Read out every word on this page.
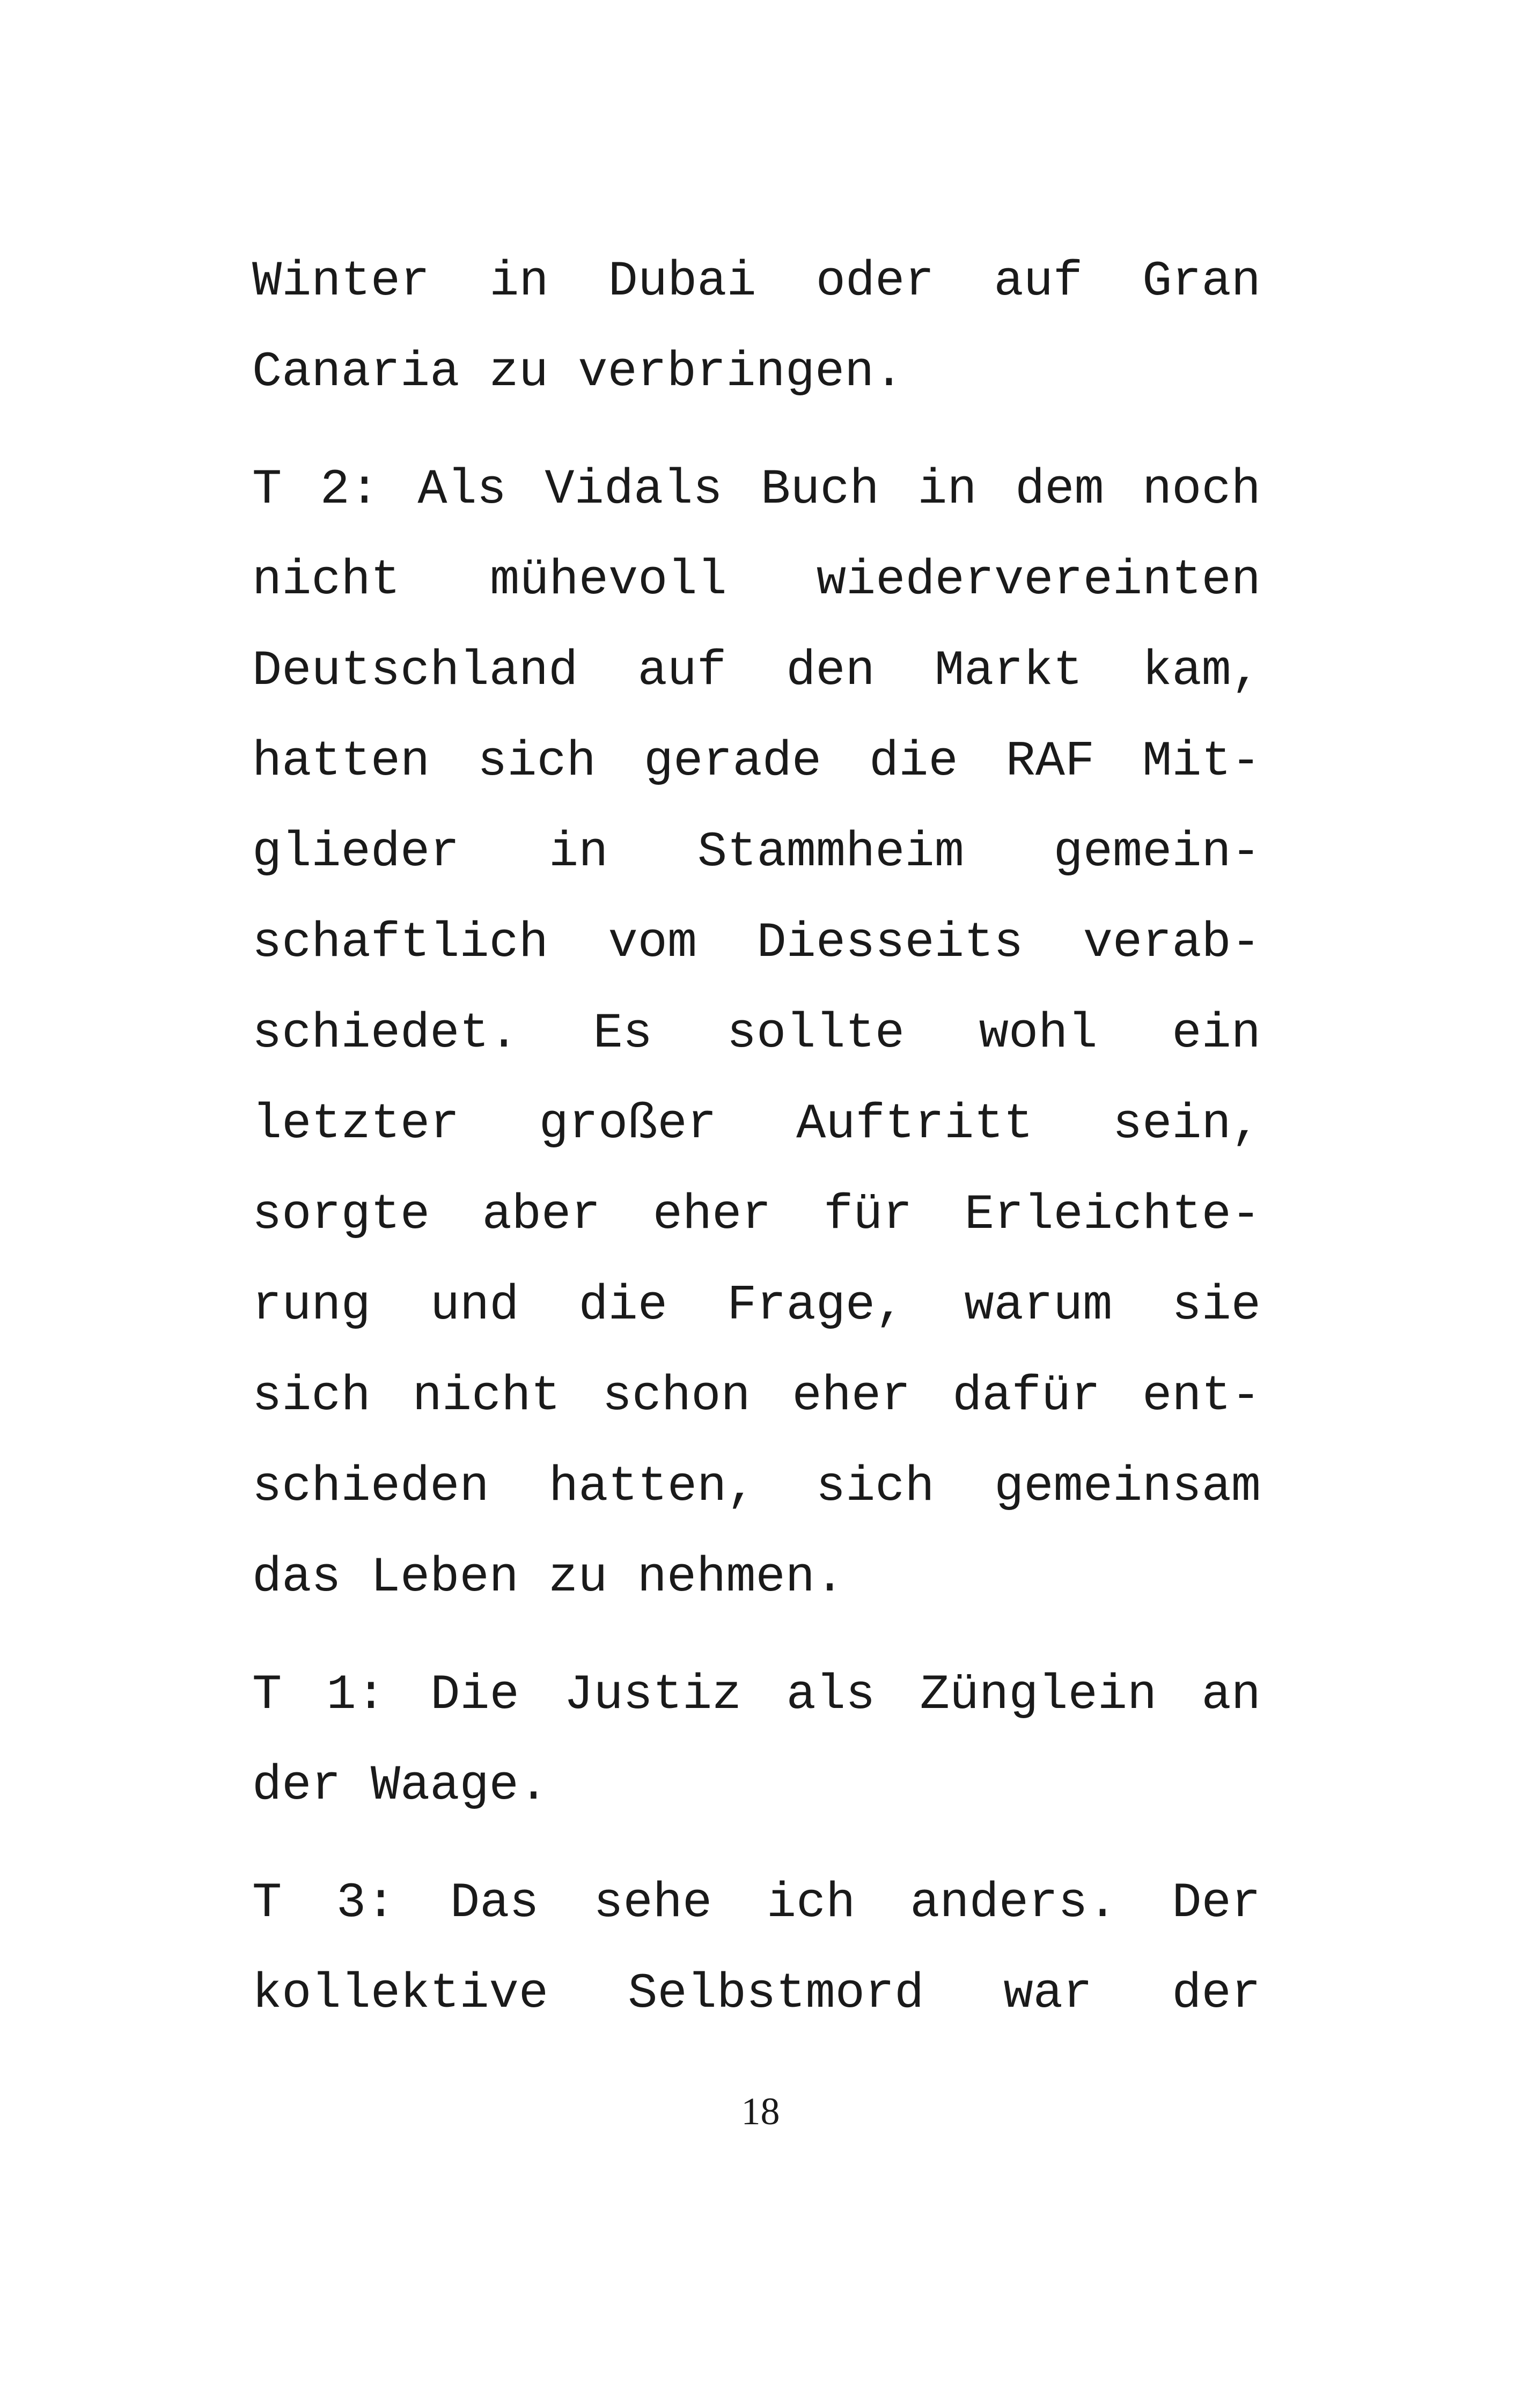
Winter in Dubai oder auf Gran
Canaria zu verbringen.

T 2: Als Vidals Buch in dem noch
nicht mühevoll wiedervereinten
Deutschland auf den Markt kam,
hatten sich gerade die RAF Mit-
glieder in Stammheim gemein-
schaftlich vom Diesseits verab-
schiedet. Es sollte wohl ein
letzter großer Auftritt sein,
sorgte aber eher für Erleichte-
rung und die Frage, warum sie
sich nicht schon eher dafür ent-
schieden hatten, sich gemeinsam
das Leben zu nehmen.

T 1: Die Justiz als Zünglein an
der Waage.

T 3: Das sehe ich anders. Der
kollektive Selbstmord war der

18
